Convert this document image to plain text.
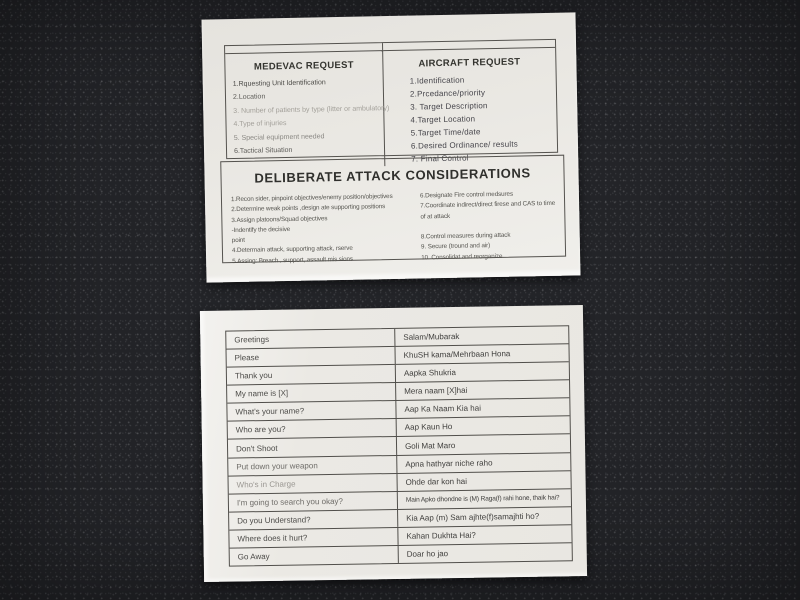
MEDEVAC REQUEST
1.Rquesting Unit Identification
2.Location
3. Number of patients by type (litter or ambulatory)
4.Type of injuries
5. Special equipment needed
6.Tactical Situation
AIRCRAFT REQUEST
1.Identification
2.Prcedance/priority
3. Target Description
4.Target Location
5.Target Time/date
6.Desired Ordinance/ results
7. Final Control
DELIBERATE ATTACK CONSIDERATIONS
1.Recon sider, pinpoint objectives/enemy position/objectives
2.Determine weak points ,design ate supporting positions
3.Assign platoons/Squad objectives
-Indentify the decisive
point
4.Determain attack, supporting attack, rserve
5.Assing: Breach , support, assault mis sions
6.Designate Fire control medsures
7.Coordinate indirect/direct firese and CAS to time
of at attack
8.Control measures during attack
9. Secure (tround and air)
10. Consolidat and reorganize
Greetings	Salam/Mubarak
Please	KhuSH kama/Mehrbaan Hona
Thank you	Aapka Shukria
My name is [X]	Mera naam [X]hai
What's your name?	Aap Ka Naam Kia hai
Who are you?	Aap Kaun Ho
Don't Shoot	Goli Mat Maro
Put down your weapon	Apna hathyar niche raho
Who's in Charge	Ohde dar kon hai
I'm going to search you okay?	Main Apko dhondne is (M) Raga(f) rahi hone, thaik hai?
Do you Understand?	Kia Aap (m) Sam ajhte(f)samajhti ho?
Where does it hurt?	Kahan Dukhta Hai?
Go Away	Doar ho jao
